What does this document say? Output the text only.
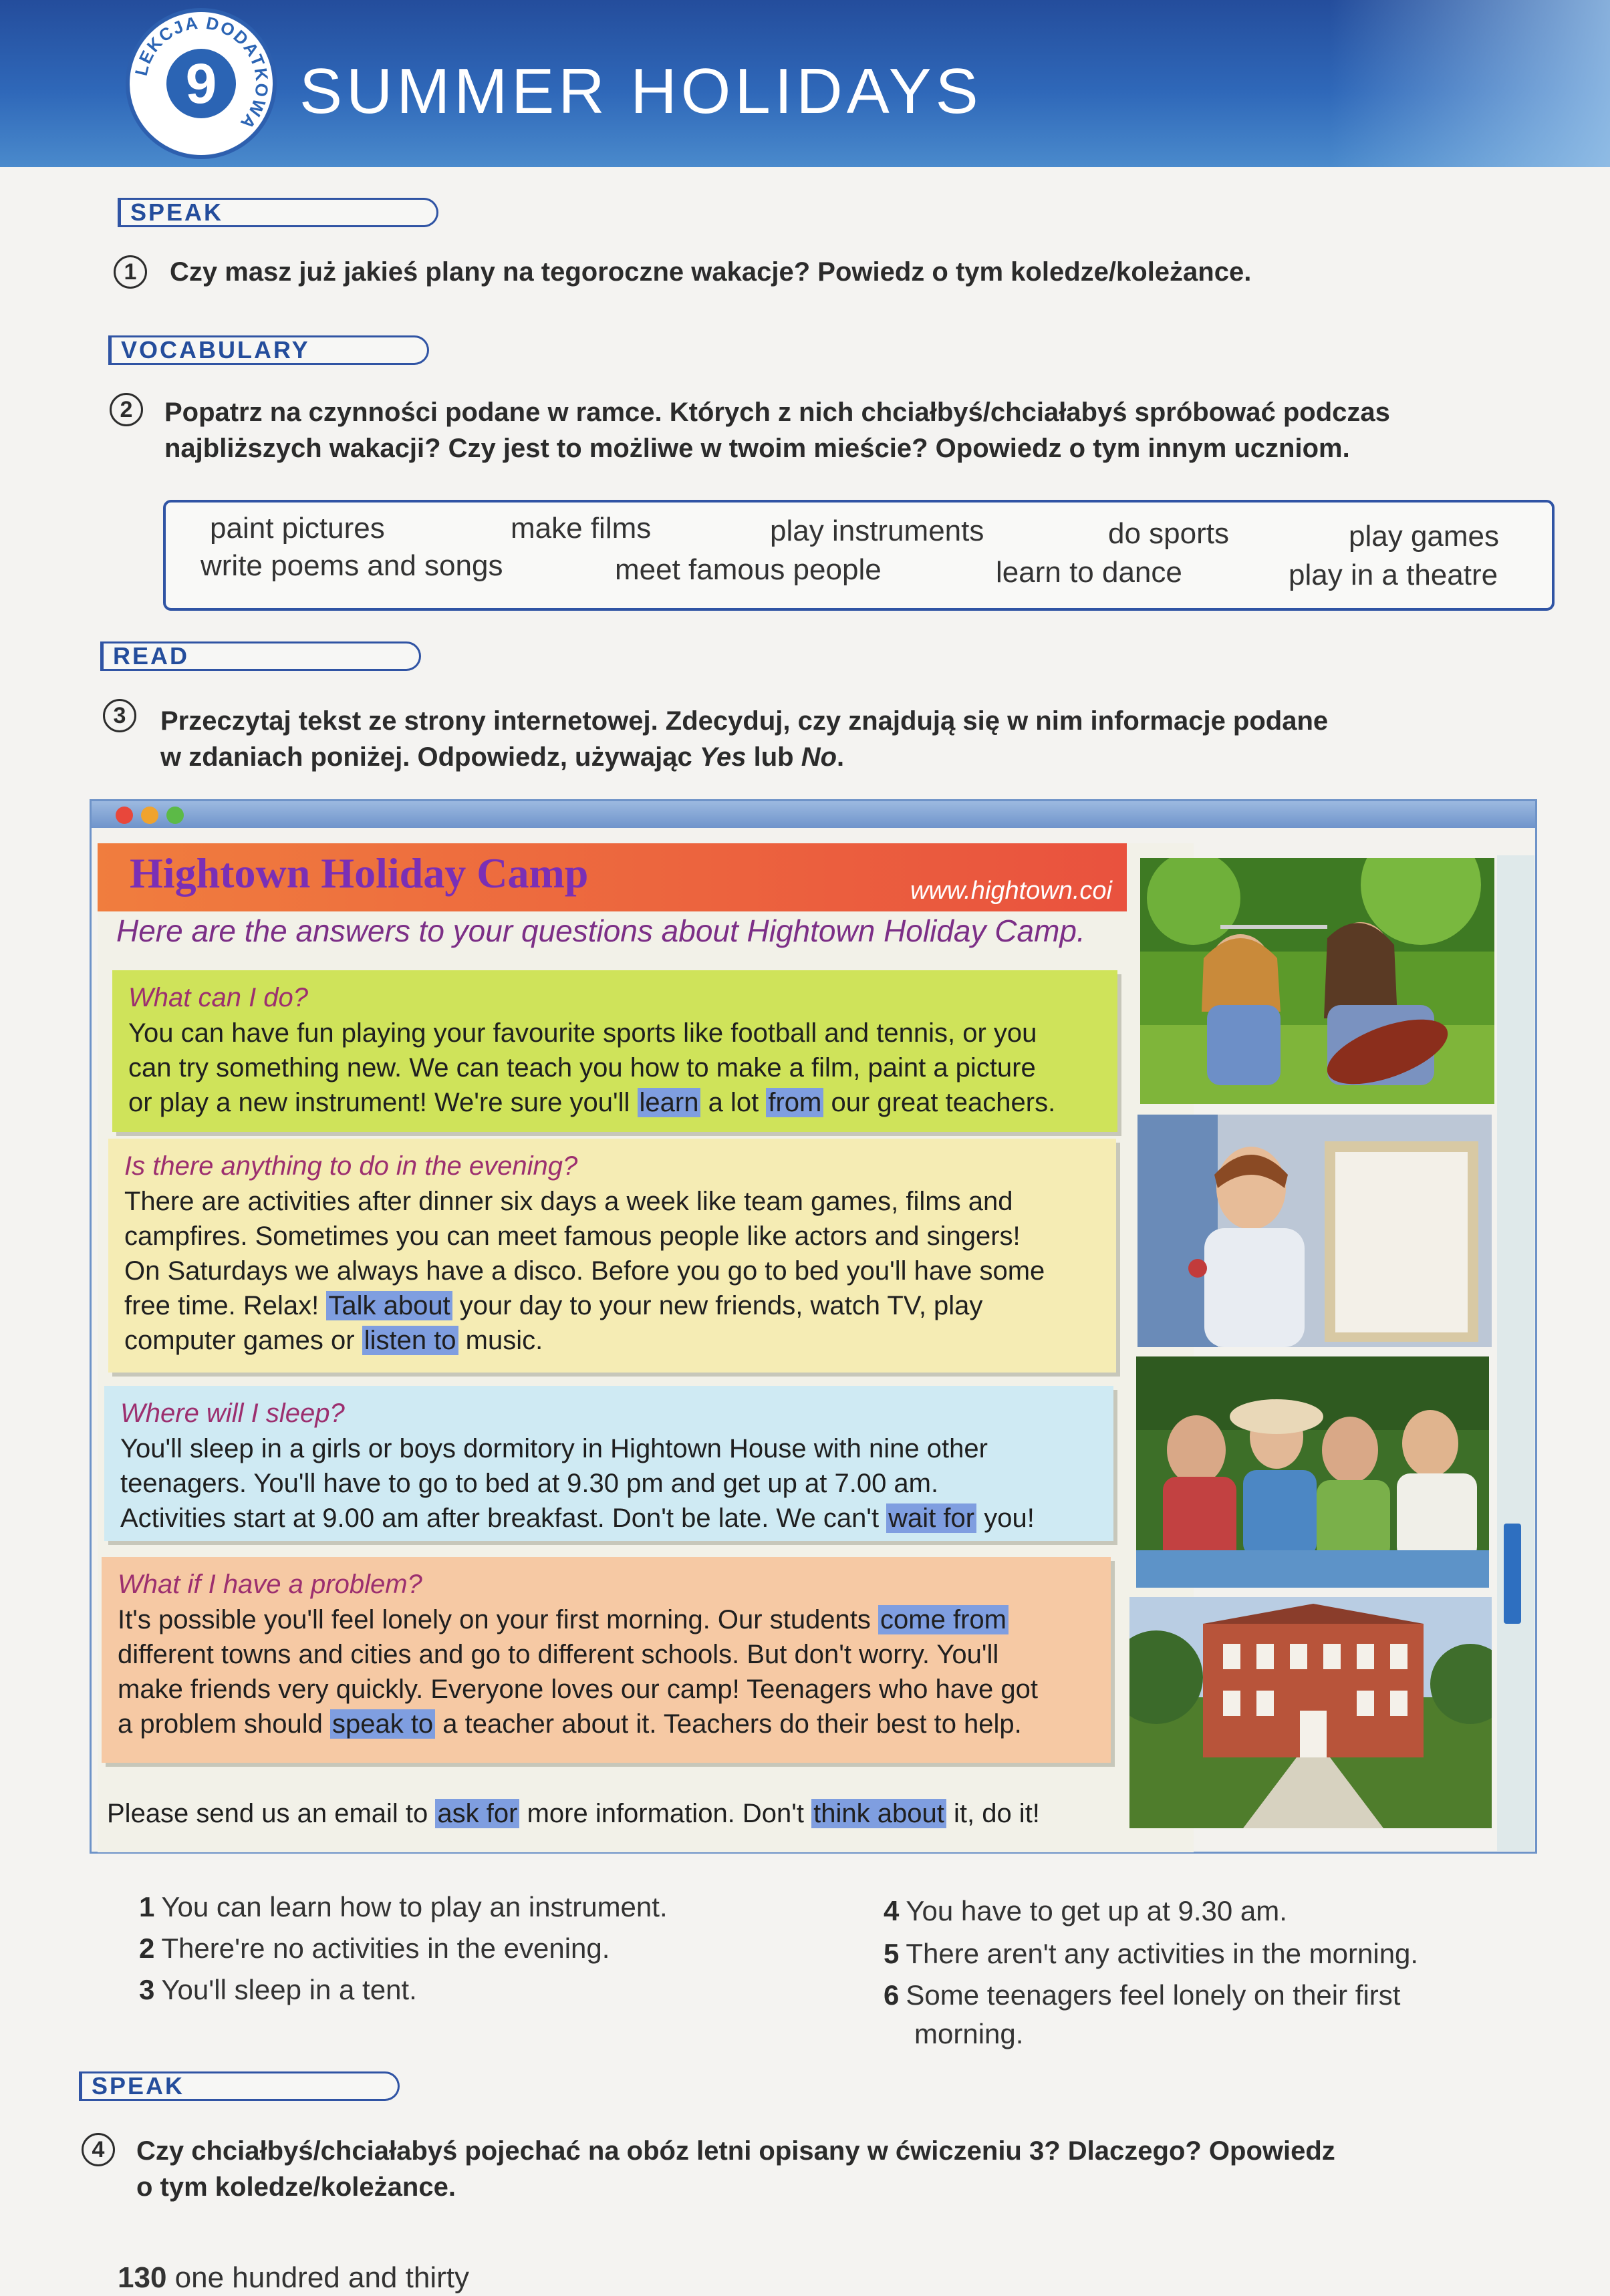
LEKCJA DODATKOWA
9 SUMMER HOLIDAYS
SPEAK
1	Czy masz już jakieś plany na tegoroczne wakacje? Powiedz o tym koledze/koleżance.
VOCABULARY
2	Popatrz na czynności podane w ramce. Których z nich chciałbyś/chciałabyś spróbować podczas
najbliższych wakacji? Czy jest to możliwe w twoim mieście? Opowiedz o tym innym uczniom.
paint pictures	make films	play instruments	do sports	play games
write poems and songs	meet famous people	learn to dance	play in a theatre
READ
3	Przeczytaj tekst ze strony internetowej. Zdecyduj, czy znajdują się w nim informacje podane
w zdaniach poniżej. Odpowiedz, używając Yes lub No.
Hightown Holiday Camp	www.hightown.coi
Here are the answers to your questions about Hightown Holiday Camp.
What can I do?
You can have fun playing your favourite sports like football and tennis, or you
can try something new. We can teach you how to make a film, paint a picture
or play a new instrument! We're sure you'll learn a lot from our great teachers.
Is there anything to do in the evening?
There are activities after dinner six days a week like team games, films and
campfires. Sometimes you can meet famous people like actors and singers!
On Saturdays we always have a disco. Before you go to bed you'll have some
free time. Relax! Talk about your day to your new friends, watch TV, play
computer games or listen to music.
Where will I sleep?
You'll sleep in a girls or boys dormitory in Hightown House with nine other
teenagers. You'll have to go to bed at 9.30 pm and get up at 7.00 am.
Activities start at 9.00 am after breakfast. Don't be late. We can't wait for you!
What if I have a problem?
It's possible you'll feel lonely on your first morning. Our students come from
different towns and cities and go to different schools. But don't worry. You'll
make friends very quickly. Everyone loves our camp! Teenagers who have got
a problem should speak to a teacher about it. Teachers do their best to help.
Please send us an email to ask for more information. Don't think about it, do it!
1 You can learn how to play an instrument.
2 There're no activities in the evening.
3 You'll sleep in a tent.
4 You have to get up at 9.30 am.
5 There aren't any activities in the morning.
6 Some teenagers feel lonely on their first
morning.
SPEAK
4	Czy chciałbyś/chciałabyś pojechać na obóz letni opisany w ćwiczeniu 3? Dlaczego? Opowiedz
o tym koledze/koleżance.
130 one hundred and thirty
